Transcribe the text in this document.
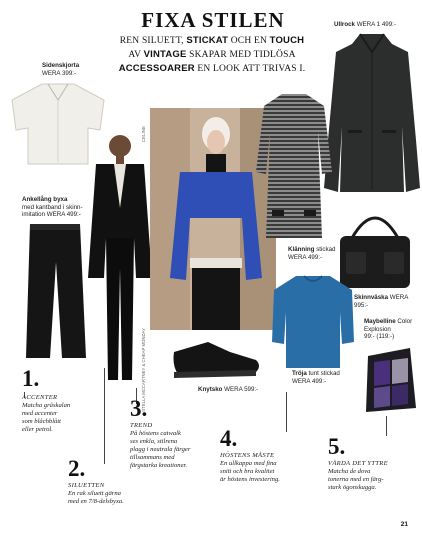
FIXA STILEN
REN SILUETT, STICKAT OCH EN TOUCH
AV VINTAGE SKAPAR MED TIDLÖSA
ACCESSOARER EN LOOK ATT TRIVAS I.
Ullrock WERA 1 499:-
Sidenskjorta
WERA 399:-
Ankellång byxa
med kantband i skinn-
imitation WERA 499:-
CELINE
STELLA MCCARTNEY & CHEAP MONDAY
Klänning stickad
WERA 499:-
Skinnväska WERA
995:-
Tröja tunt stickad
WERA 499:-
Maybelline Color
Explosion
99:- (119:-)
Knytsko WERA 599:-
1.
ACCENTER
Matcha gråskalan
med accenter
som blåchblått
eller petrol.
2.
SILUETTEN
En rak siluett gärna
med en 7/8-delsbyxa.
3.
TREND
På höstens catwalk
ses enkla, stilrena
plagg i neutrala färger
tillsammans med
färgstarka kreationer.
4.
HÖSTENS MÅSTE
En ullkappa med fina
snitt och bra kvalitet
är höstens investering.
5.
VÅRDA DET YTTRE
Matcha de dova
tonerna med en färg-
stark ögonskugga.
21
